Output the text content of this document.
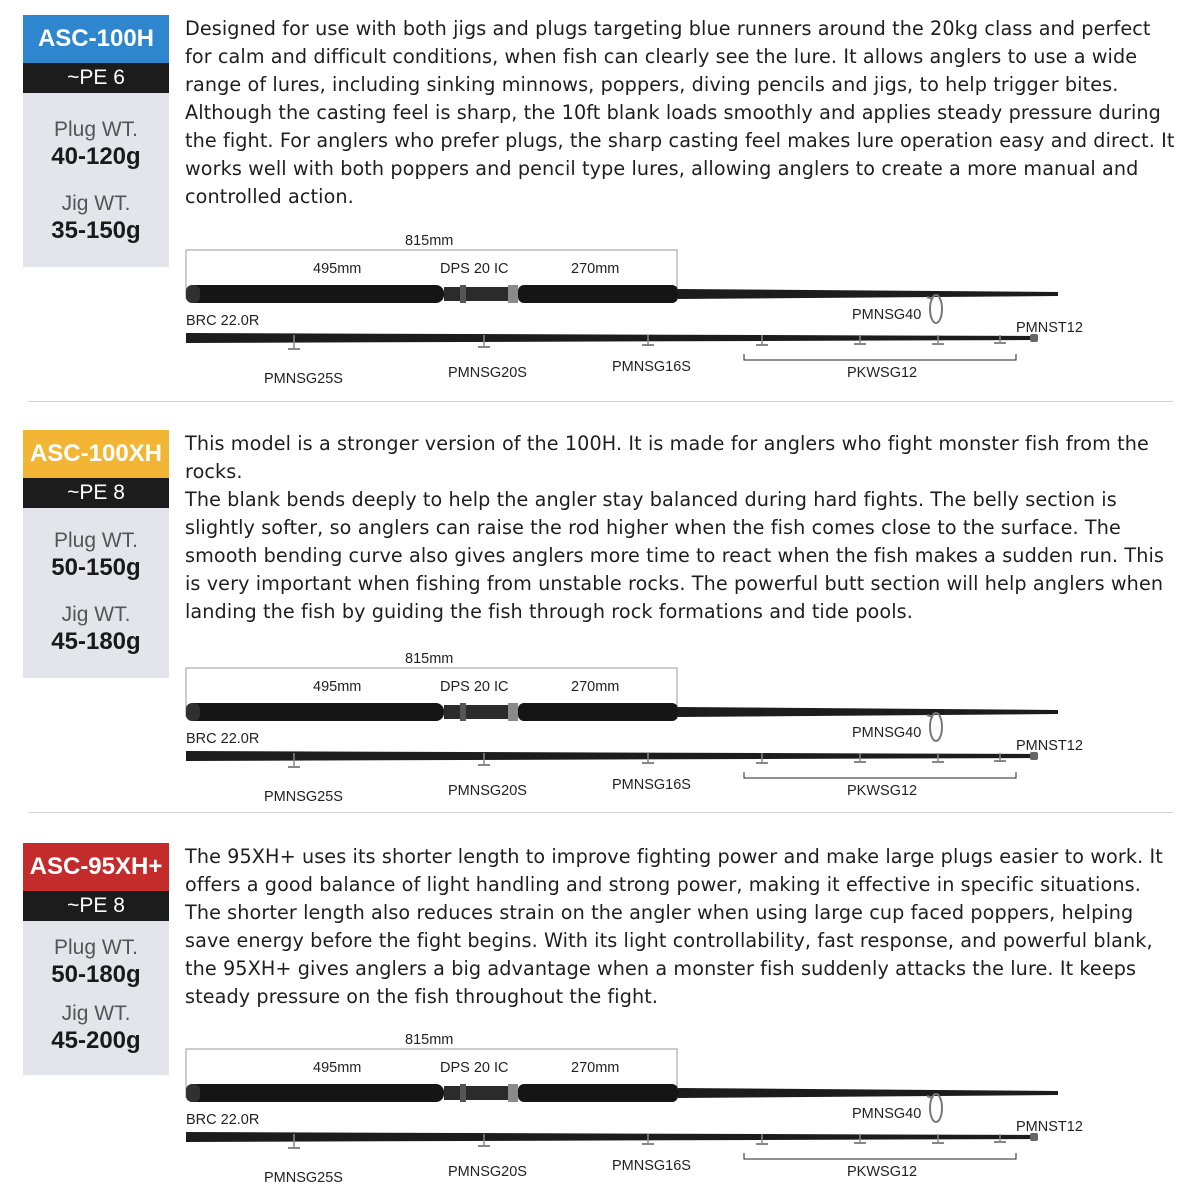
ASC-100H
~PE 6
Plug WT.
40-120g
Jig WT.
35-150g

Designed for use with both jigs and plugs targeting blue runners around the 20kg class and perfect for calm and difficult conditions, when fish can clearly see the lure. It allows anglers to use a wide range of lures, including sinking minnows, poppers, diving pencils and jigs, to help trigger bites.

Although the casting feel is sharp, the 10ft blank loads smoothly and applies steady pressure during the fight. For anglers who prefer plugs, the sharp casting feel makes lure operation easy and direct. It works well with both poppers and pencil type lures, allowing anglers to create a more manual and controlled action.

815mm
495mm	DPS 20 IC	270mm
BRC 22.0R	PMNSG40
PMNST12
PMNSG25S	PMNSG20S	PMNSG16S	PKWSG12
ASC-100XH
~PE 8
Plug WT.
50-150g
Jig WT.
45-180g

This model is a stronger version of the 100H. It is made for anglers who fight monster fish from the rocks.

The blank bends deeply to help the angler stay balanced during hard fights. The belly section is slightly softer, so anglers can raise the rod higher when the fish comes close to the surface. The smooth bending curve also gives anglers more time to react when the fish makes a sudden run. This is very important when fishing from unstable rocks. The powerful butt section will help anglers when landing the fish by guiding the fish through rock formations and tide pools.

815mm
495mm	DPS 20 IC	270mm
BRC 22.0R	PMNSG40
PMNST12
PMNSG25S	PMNSG20S	PMNSG16S	PKWSG12
ASC-95XH+
~PE 8
Plug WT.
50-180g
Jig WT.
45-200g

The 95XH+ uses its shorter length to improve fighting power and make large plugs easier to work. It offers a good balance of light handling and strong power, making it effective in specific situations. The shorter length also reduces strain on the angler when using large cup faced poppers, helping save energy before the fight begins. With its light controllability, fast response, and powerful blank, the 95XH+ gives anglers a big advantage when a monster fish suddenly attacks the lure. It keeps steady pressure on the fish throughout the fight.

815mm
495mm	DPS 20 IC	270mm
BRC 22.0R	PMNSG40
PMNST12
PMNSG25S	PMNSG20S	PMNSG16S	PKWSG12
